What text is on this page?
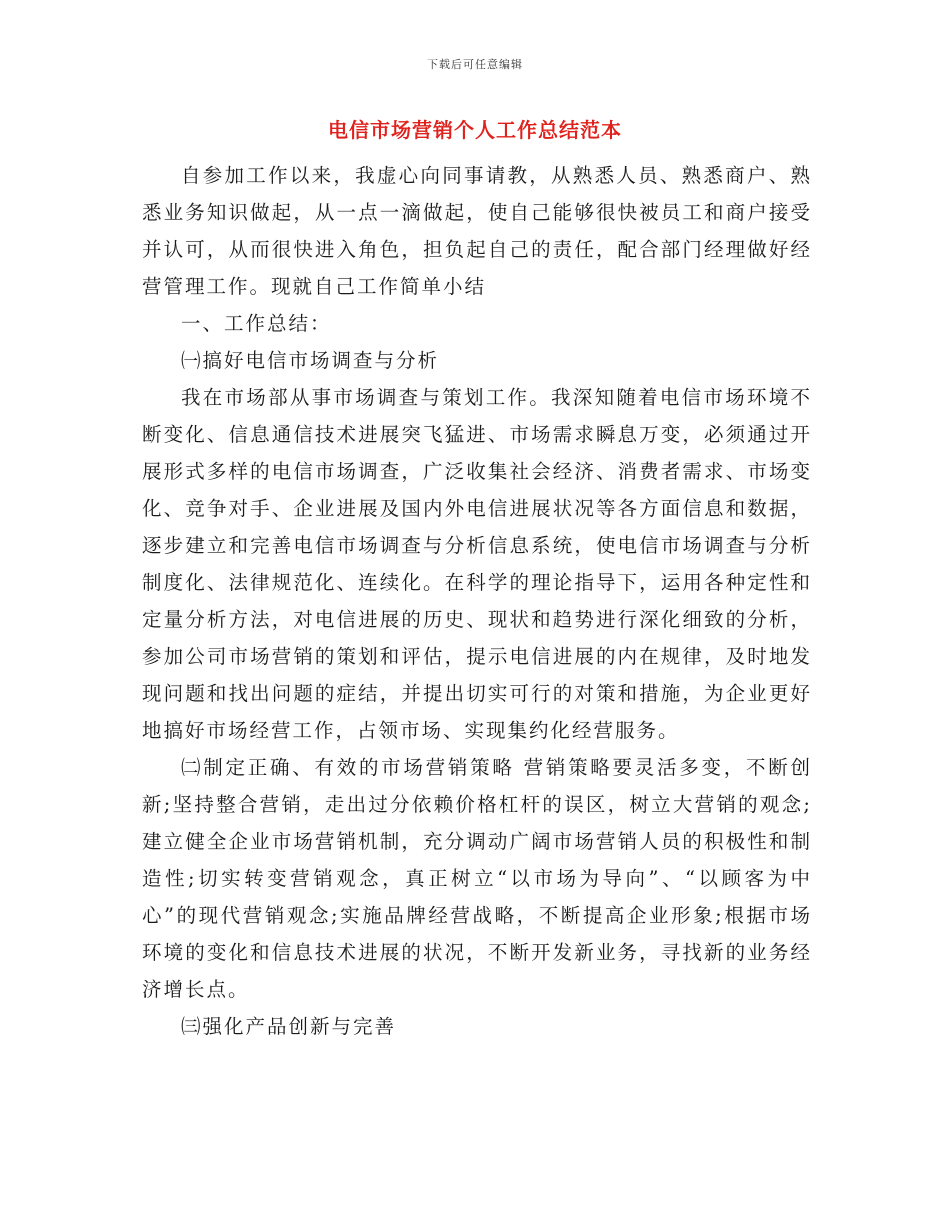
下载后可任意编辑
电信市场营销个人工作总结范本

自参加工作以来，我虚心向同事请教，从熟悉人员、熟悉商户、熟悉业务知识做起，从一点一滴做起，使自己能够很快被员工和商户接受并认可，从而很快进入角色，担负起自己的责任，配合部门经理做好经营管理工作。现就自己工作简单小结

一、工作总结：

㈠搞好电信市场调查与分析

我在市场部从事市场调查与策划工作。我深知随着电信市场环境不断变化、信息通信技术进展突飞猛进、市场需求瞬息万变，必须通过开展形式多样的电信市场调查，广泛收集社会经济、消费者需求、市场变化、竞争对手、企业进展及国内外电信进展状况等各方面信息和数据，逐步建立和完善电信市场调查与分析信息系统，使电信市场调查与分析制度化、法律规范化、连续化。在科学的理论指导下，运用各种定性和定量分析方法，对电信进展的历史、现状和趋势进行深化细致的分析，参加公司市场营销的策划和评估，提示电信进展的内在规律，及时地发现问题和找出问题的症结，并提出切实可行的对策和措施，为企业更好地搞好市场经营工作，占领市场、实现集约化经营服务。

㈡制定正确、有效的市场营销策略 营销策略要灵活多变，不断创新;坚持整合营销，走出过分依赖价格杠杆的误区，树立大营销的观念;建立健全企业市场营销机制，充分调动广阔市场营销人员的积极性和制造性;切实转变营销观念，真正树立“以市场为导向”、“以顾客为中心”的现代营销观念;实施品牌经营战略，不断提高企业形象;根据市场环境的变化和信息技术进展的状况，不断开发新业务，寻找新的业务经济增长点。

㈢强化产品创新与完善
